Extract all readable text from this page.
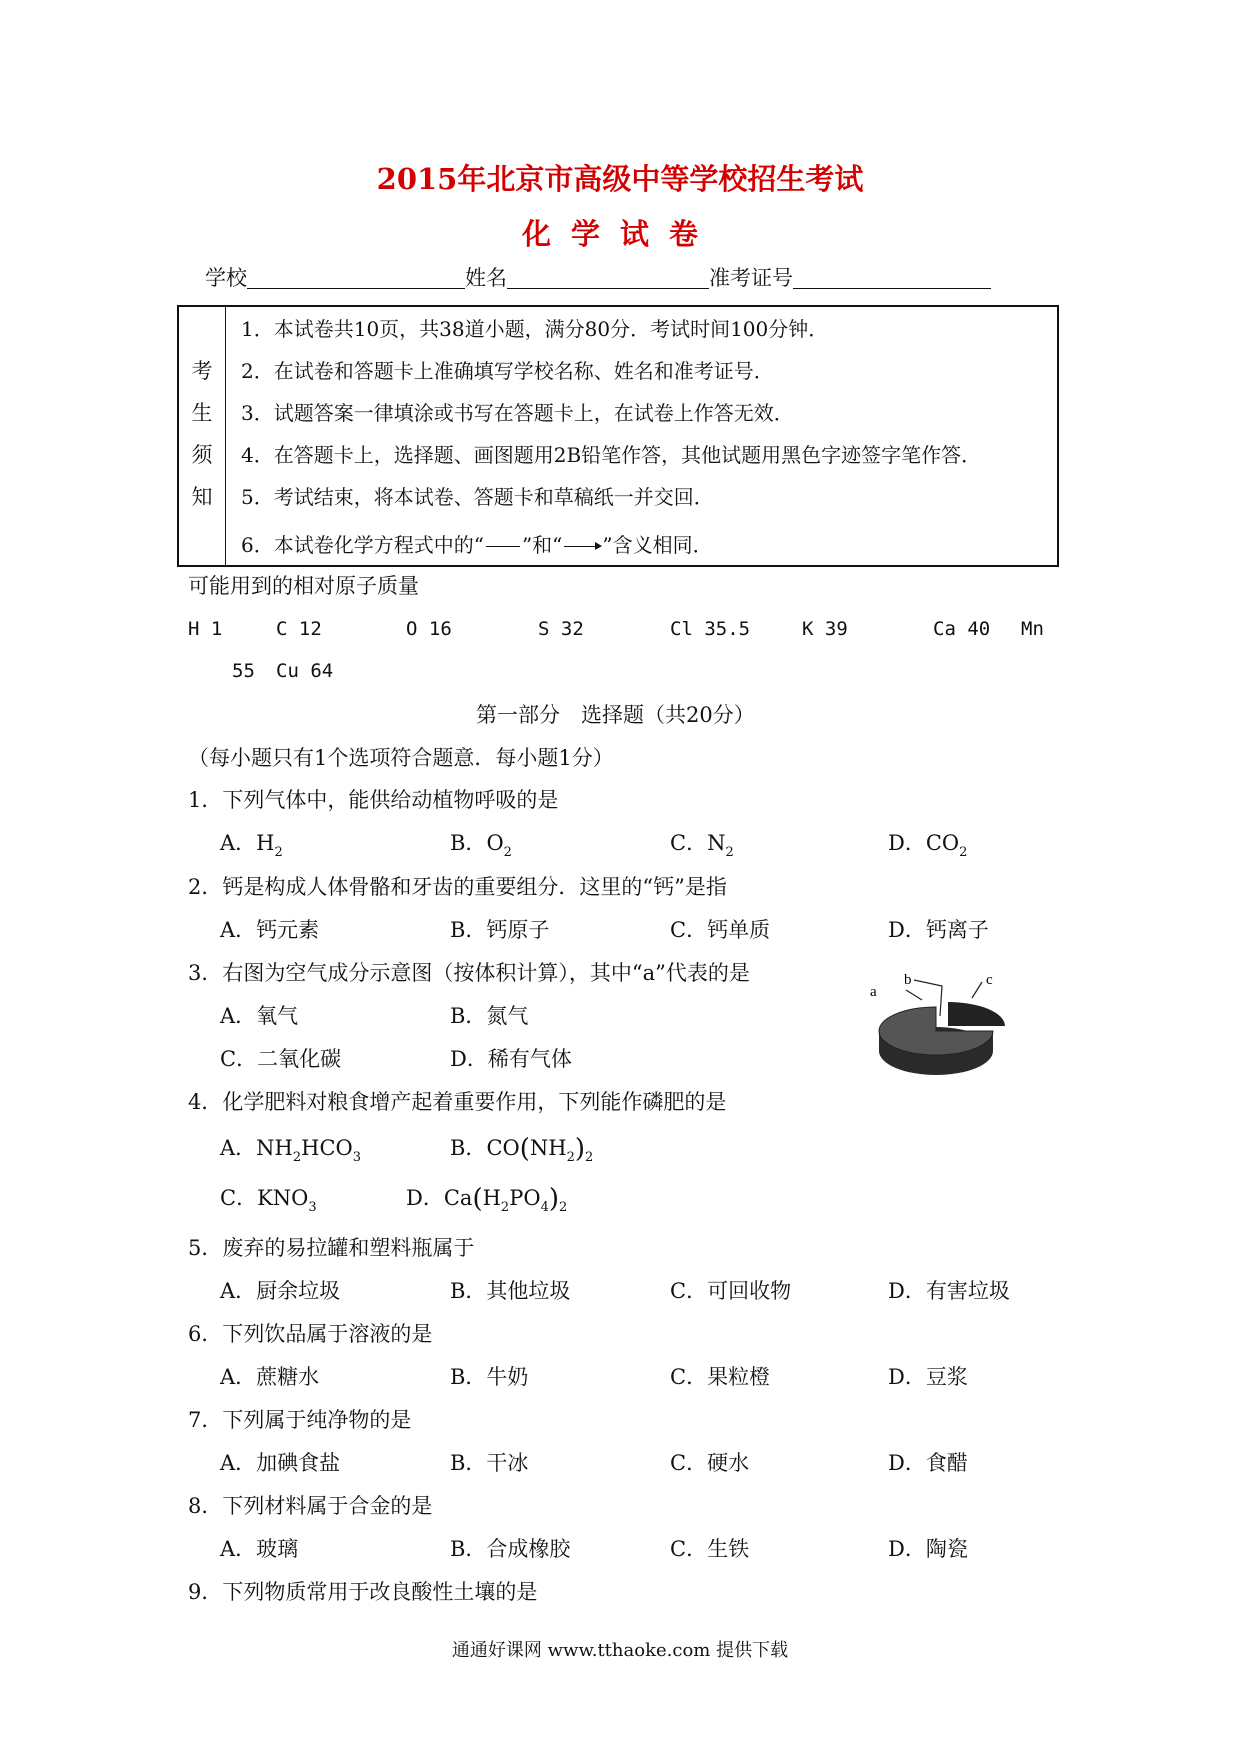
2015年北京市高级中等学校招生考试
化学试卷
学校	姓名	准考证号
考
生
须
知
1．本试卷共10页，共38道小题，满分80分．考试时间100分钟．
2．在试卷和答题卡上准确填写学校名称、姓名和准考证号．
3．试题答案一律填涂或书写在答题卡上，在试卷上作答无效．
4．在答题卡上，选择题、画图题用2B铅笔作答，其他试题用黑色字迹签字笔作答．
5．考试结束，将本试卷、答题卡和草稿纸一并交回．
6．本试卷化学方程式中的“ ”和“ ”含义相同．
可能用到的相对原子质量
H 1	C 12	O 16	S 32	Cl 35.5	K 39	Ca 40 Mn
55 Cu 64
第一部分　选择题（共20分）
（每小题只有1个选项符合题意．每小题1分）
1．下列气体中，能供给动植物呼吸的是
A．$H_2$	B．$O_2$	C．$N_2$	D．$CO_2$
2．钙是构成人体骨骼和牙齿的重要组分．这里的“钙”是指
A．钙元素	B．钙原子	C．钙单质	D．钙离子
3．右图为空气成分示意图（按体积计算），其中“a”代表的是
A．氧气	B．氮气
C．二氧化碳	D．稀有气体
a
b	c
4．化学肥料对粮食增产起着重要作用，下列能作磷肥的是
A．$NH_2HCO_3$	B．$CO(NH_2)_2$
C．$KNO_3$	D．$Ca(H_2PO_4)_2$
5．废弃的易拉罐和塑料瓶属于
A．厨余垃圾	B．其他垃圾	C．可回收物	D．有害垃圾
6．下列饮品属于溶液的是
A．蔗糖水	B．牛奶	C．果粒橙	D．豆浆
7．下列属于纯净物的是
A．加碘食盐	B．干冰	C．硬水	D．食醋
8．下列材料属于合金的是
A．玻璃	B．合成橡胶	C．生铁	D．陶瓷
9．下列物质常用于改良酸性土壤的是
通通好课网 www.tthaoke.com 提供下载
